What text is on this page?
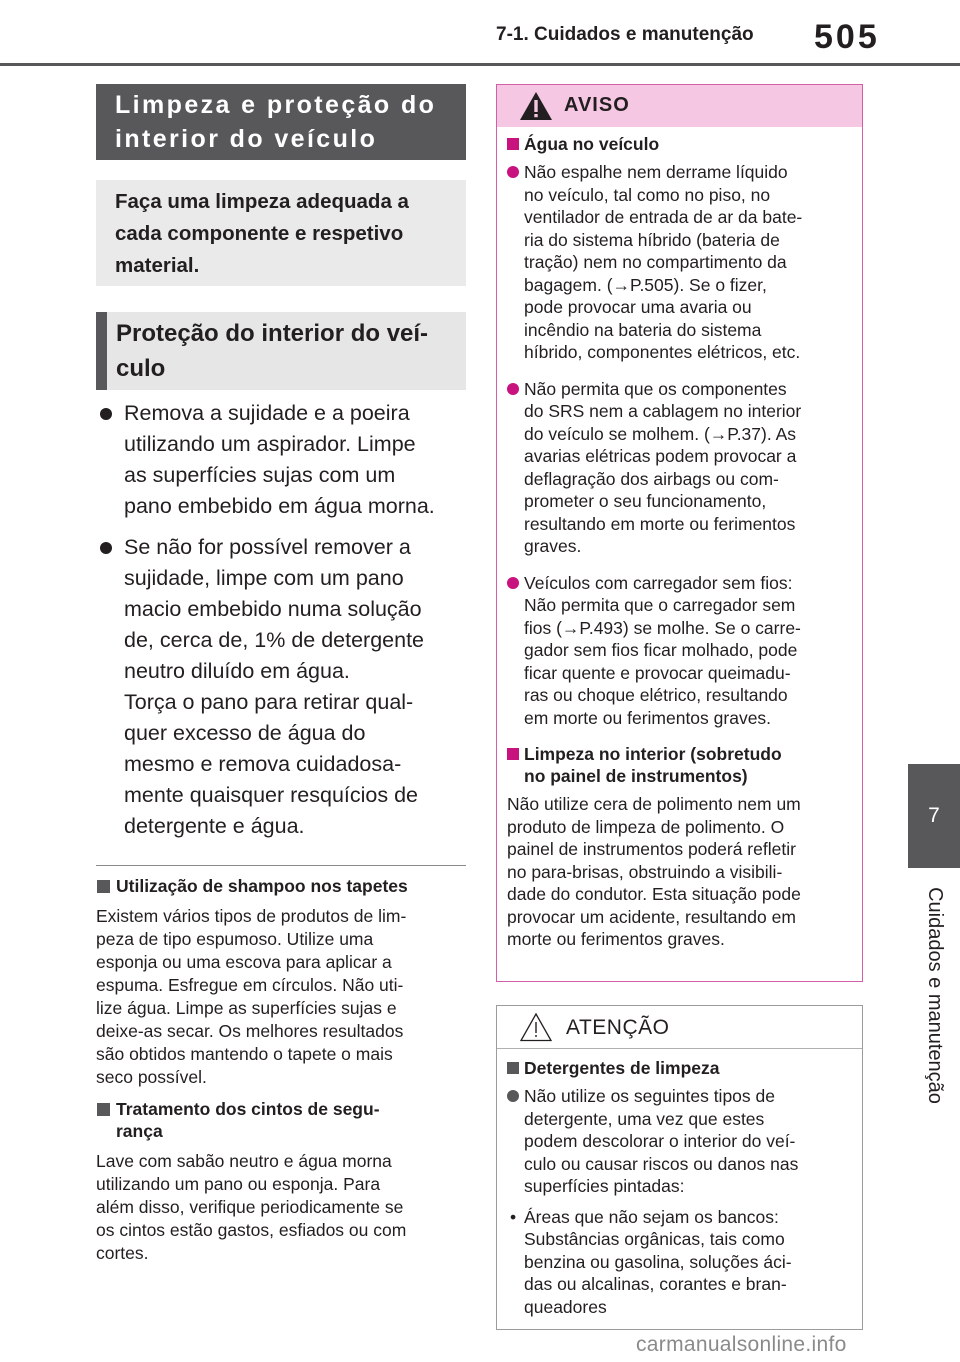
7-1. Cuidados e manutenção 505
7
Cuidados e manutenção
Limpeza e proteção do
interior do veículo
Faça uma limpeza adequada a
cada componente e respetivo
material.
Proteção do interior do veí-
culo
Remova a sujidade e a poeira
utilizando um aspirador. Limpe
as superfícies sujas com um
pano embebido em água morna.
Se não for possível remover a
sujidade, limpe com um pano
macio embebido numa solução
de, cerca de, 1% de detergente
neutro diluído em água.
Torça o pano para retirar qual-
quer excesso de água do
mesmo e remova cuidadosa-
mente quaisquer resquícios de
detergente e água.
Utilização de shampoo nos tapetes
Existem vários tipos de produtos de lim-
peza de tipo espumoso. Utilize uma
esponja ou uma escova para aplicar a
espuma. Esfregue em círculos. Não uti-
lize água. Limpe as superfícies sujas e
deixe-as secar. Os melhores resultados
são obtidos mantendo o tapete o mais
seco possível.
Tratamento dos cintos de segu-
rança
Lave com sabão neutro e água morna
utilizando um pano ou esponja. Para
além disso, verifique periodicamente se
os cintos estão gastos, esfiados ou com
cortes.
AVISO
Água no veículo
Não espalhe nem derrame líquido
no veículo, tal como no piso, no
ventilador de entrada de ar da bate-
ria do sistema híbrido (bateria de
tração) nem no compartimento da
bagagem. (→P.505). Se o fizer,
pode provocar uma avaria ou
incêndio na bateria do sistema
híbrido, componentes elétricos, etc.
Não permita que os componentes
do SRS nem a cablagem no interior
do veículo se molhem. (→P.37). As
avarias elétricas podem provocar a
deflagração dos airbags ou com-
prometer o seu funcionamento,
resultando em morte ou ferimentos
graves.
Veículos com carregador sem fios:
Não permita que o carregador sem
fios (→P.493) se molhe. Se o carre-
gador sem fios ficar molhado, pode
ficar quente e provocar queimadu-
ras ou choque elétrico, resultando
em morte ou ferimentos graves.
Limpeza no interior (sobretudo
no painel de instrumentos)
Não utilize cera de polimento nem um
produto de limpeza de polimento. O
painel de instrumentos poderá refletir
no para-brisas, obstruindo a visibili-
dade do condutor. Esta situação pode
provocar um acidente, resultando em
morte ou ferimentos graves.
ATENÇÃO
Detergentes de limpeza
Não utilize os seguintes tipos de
detergente, uma vez que estes
podem descolorar o interior do veí-
culo ou causar riscos ou danos nas
superfícies pintadas:
• Áreas que não sejam os bancos:
Substâncias orgânicas, tais como
benzina ou gasolina, soluções áci-
das ou alcalinas, corantes e bran-
queadores
carmanualsonline.info
